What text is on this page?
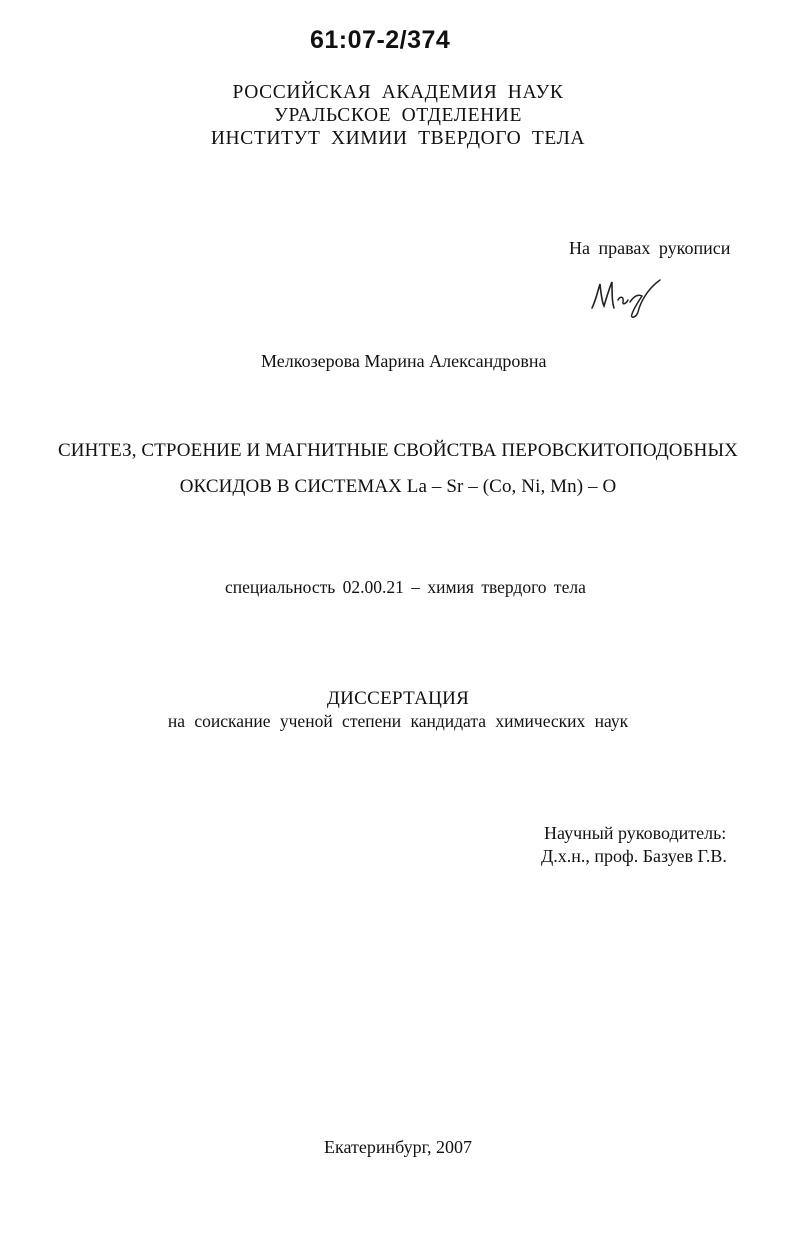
61:07-2/374
РОССИЙСКАЯ АКАДЕМИЯ НАУК
УРАЛЬСКОЕ ОТДЕЛЕНИЕ
ИНСТИТУТ ХИМИИ ТВЕРДОГО ТЕЛА
На правах рукописи
Мелкозерова Марина Александровна
СИНТЕЗ, СТРОЕНИЕ И МАГНИТНЫЕ СВОЙСТВА ПЕРОВСКИТОПОДОБНЫХ
ОКСИДОВ В СИСТЕМАХ La – Sr – (Co, Ni, Mn) – O
специальность 02.00.21 – химия твердого тела
ДИССЕРТАЦИЯ
на соискание ученой степени кандидата химических наук
Научный руководитель:
Д.х.н., проф. Базуев Г.В.
Екатеринбург, 2007
